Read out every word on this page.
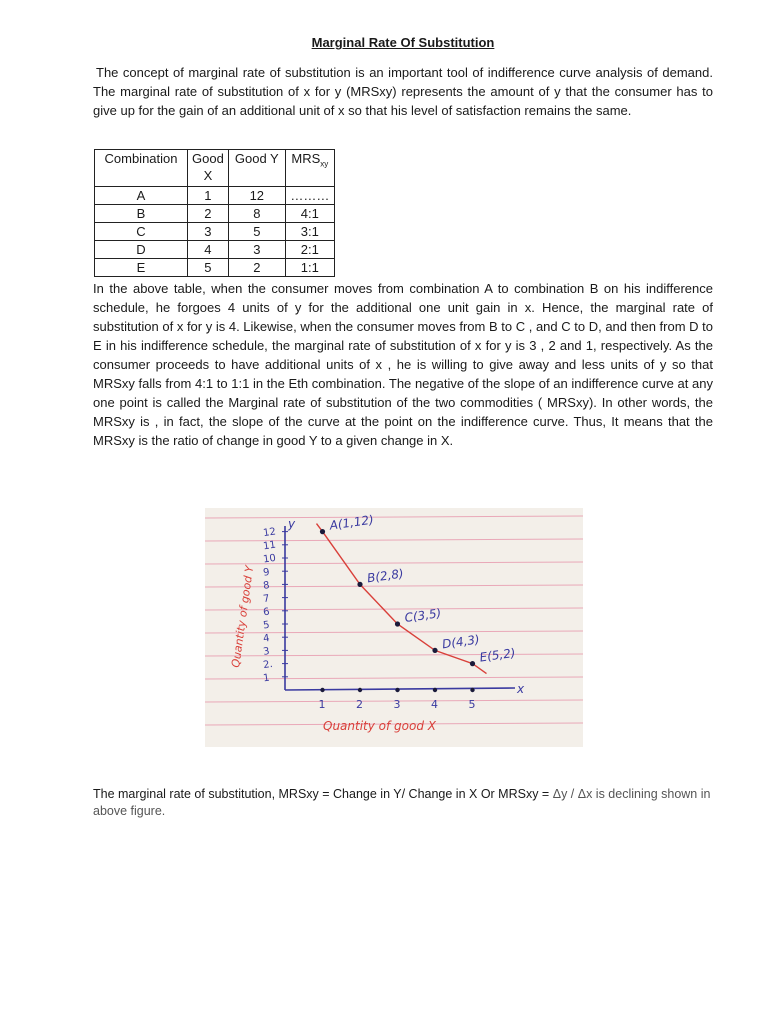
Marginal Rate Of Substitution

The concept of marginal rate of substitution is an important tool of indifference curve analysis of demand. The marginal rate of substitution of x for y (MRSxy) represents the amount of y that the consumer has to give up for the gain of an additional unit of x so that his level of satisfaction remains the same.

Combination	Good X	Good Y	$MRS_{xy}$
A	1	12	………
B	2	8	4:1
C	3	5	3:1
D	4	3	2:1
E	5	2	1:1

In the above table, when the consumer moves from combination A to combination B on his indifference schedule, he forgoes 4 units of y for the additional one unit gain in x. Hence, the marginal rate of substitution of x for y is 4. Likewise, when the consumer moves from B to C , and C to D, and then from D to E in his indifference schedule, the marginal rate of substitution of x for y is 3 , 2 and 1, respectively. As the consumer proceeds to have additional units of x , he is willing to give away and less units of y so that MRSxy falls from 4:1 to 1:1 in the Eth combination. The negative of the slope of an indifference curve at any one point is called the Marginal rate of substitution of the two commodities ( MRSxy). In other words, the MRSxy is , in fact, the slope of the curve at the point on the indifference curve. Thus, It means that the MRSxy is the ratio of change in good Y to a given change in X.

The marginal rate of substitution, MRSxy = Change in Y/ Change in X Or MRSxy = Δy / Δx is declining shown in above figure.
y
x
1
2.
3
4
5
6
7
8
9
10
11
12
1	2	3	4	5
A(1,12)
B(2,8)
C(3,5)
D(4,3)
E(5,2)
Quantity of good Y
Quantity of good X
